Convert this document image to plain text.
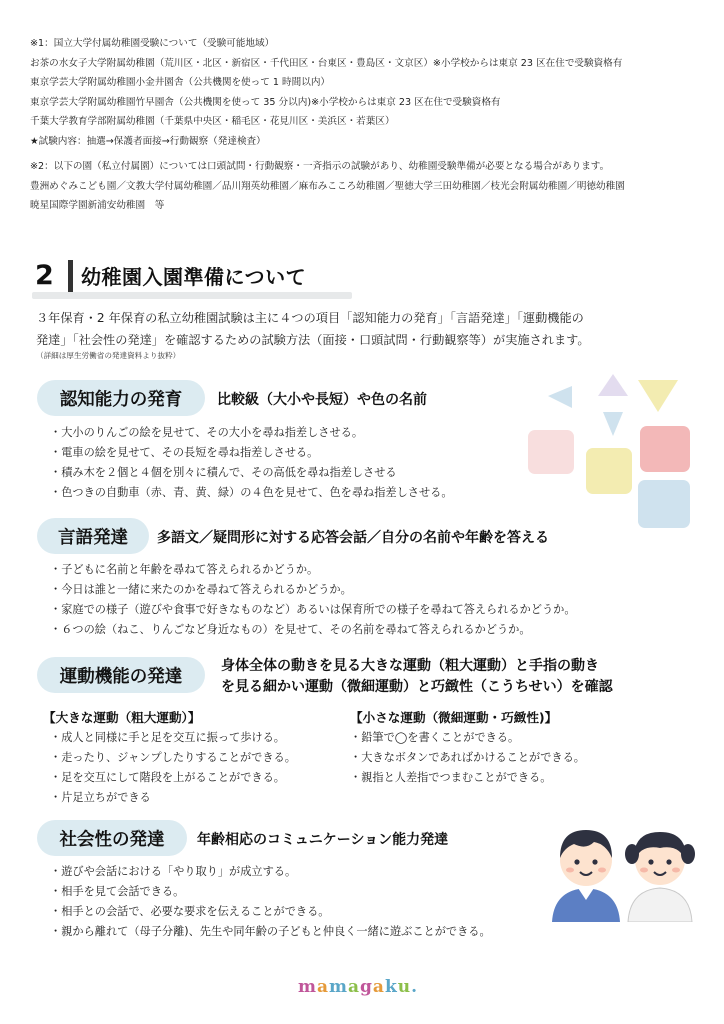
※1：国立大学付属幼稚園受験について（受験可能地域）
お茶の水女子大学附属幼稚園（荒川区・北区・新宿区・千代田区・台東区・豊島区・文京区）※小学校からは東京 23 区在住で受験資格有
東京学芸大学附属幼稚園小金井園舎（公共機関を使って 1 時間以内）
東京学芸大学附属幼稚園竹早園舎（公共機関を使って 35 分以内)※小学校からは東京 23 区在住で受験資格有
千葉大学教育学部附属幼稚園（千葉県中央区・稲毛区・花見川区・美浜区・若葉区）
★試験内容：抽選→保護者面接→行動観察（発達検査）
※2：以下の園（私立付属園）については口頭試問・行動観察・一斉指示の試験があり、幼稚園受験準備が必要となる場合があります。
豊洲めぐみこども園／文教大学付属幼稚園／品川翔英幼稚園／麻布みこころ幼稚園／聖徳大学三田幼稚園／枝光会附属幼稚園／明徳幼稚園
暁星国際学園新浦安幼稚園　等
2 幼稚園入園準備について
３年保育・2 年保育の私立幼稚園試験は主に４つの項目「認知能力の発育」「言語発達」「運動機能の
発達」「社会性の発達」を確認するための試験方法（面接・口頭試問・行動観察等）が実施されます。
（詳細は厚生労働省の発達資料より抜粋）
認知能力の発育	比較級（大小や長短）や色の名前
・大小のりんごの絵を見せて、その大小を尋ね指差しさせる。
・電車の絵を見せて、その長短を尋ね指差しさせる。
・積み木を２個と４個を別々に積んで、その高低を尋ね指差しさせる
・色つきの自動車（赤、青、黄、緑）の４色を見せて、色を尋ね指差しさせる。
言語発達	多語文／疑問形に対する応答会話／自分の名前や年齢を答える
・子どもに名前と年齢を尋ねて答えられるかどうか。
・今日は誰と一緒に来たのかを尋ねて答えられるかどうか。
・家庭での様子（遊びや食事で好きなものなど）あるいは保育所での様子を尋ねて答えられるかどうか。
・６つの絵（ねこ、りんごなど身近なもの）を見せて、その名前を尋ねて答えられるかどうか。
運動機能の発達
身体全体の動きを見る大きな運動（粗大運動）と手指の動き
を見る細かい運動（微細運動）と巧緻性（こうちせい）を確認
【大きな運動（粗大運動）】
・成人と同様に手と足を交互に振って歩ける。
・走ったり、ジャンプしたりすることができる。
・足を交互にして階段を上がることができる。
・片足立ちができる
【小さな運動（微細運動・巧緻性)】
・鉛筆で◯を書くことができる。
・大きなボタンであればかけることができる。
・親指と人差指でつまむことができる。
社会性の発達	年齢相応のコミュニケーション能力発達
・遊びや会話における「やり取り」が成立する。
・相手を見て会話できる。
・相手との会話で、必要な要求を伝えることができる。
・親から離れて（母子分離)、先生や同年齢の子どもと仲良く一緒に遊ぶことができる。
mamagaku.
